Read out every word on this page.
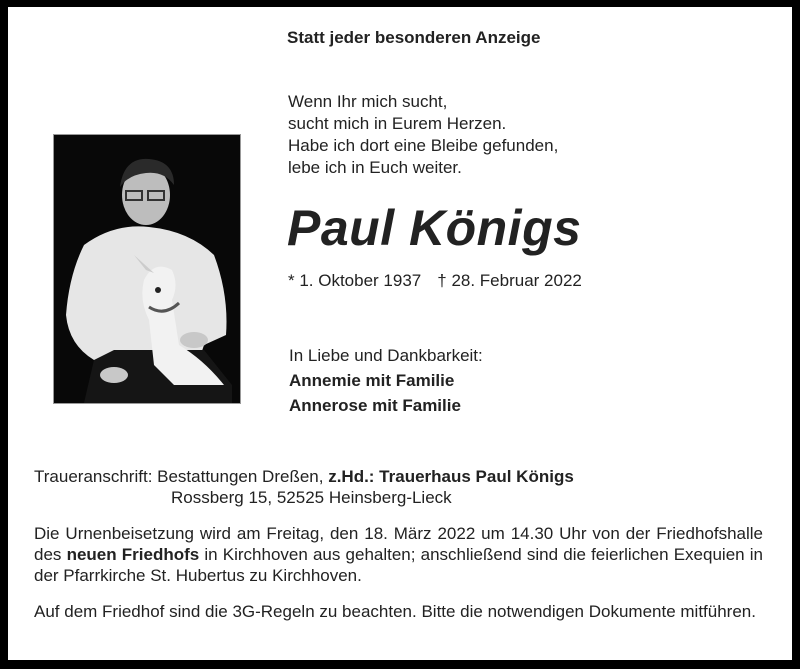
Statt jeder besonderen Anzeige
Wenn Ihr mich sucht,
sucht mich in Eurem Herzen.
Habe ich dort eine Bleibe gefunden,
lebe ich in Euch weiter.
Paul Königs
* 1. Oktober 1937 † 28. Februar 2022
In Liebe und Dankbarkeit:
Annemie mit Familie
Annerose mit Familie
Traueranschrift: Bestattungen Dreßen, z.Hd.: Trauerhaus Paul Königs
Rossberg 15, 52525 Heinsberg-Lieck
Die Urnenbeisetzung wird am Freitag, den 18. März 2022 um 14.30 Uhr von der Friedhofshalle des neuen Friedhofs in Kirchhoven aus gehalten; anschließend sind die feierlichen Exequien in der Pfarrkirche St. Hubertus zu Kirchhoven.
Auf dem Friedhof sind die 3G-Regeln zu beachten. Bitte die notwendigen Dokumente mitführen.
